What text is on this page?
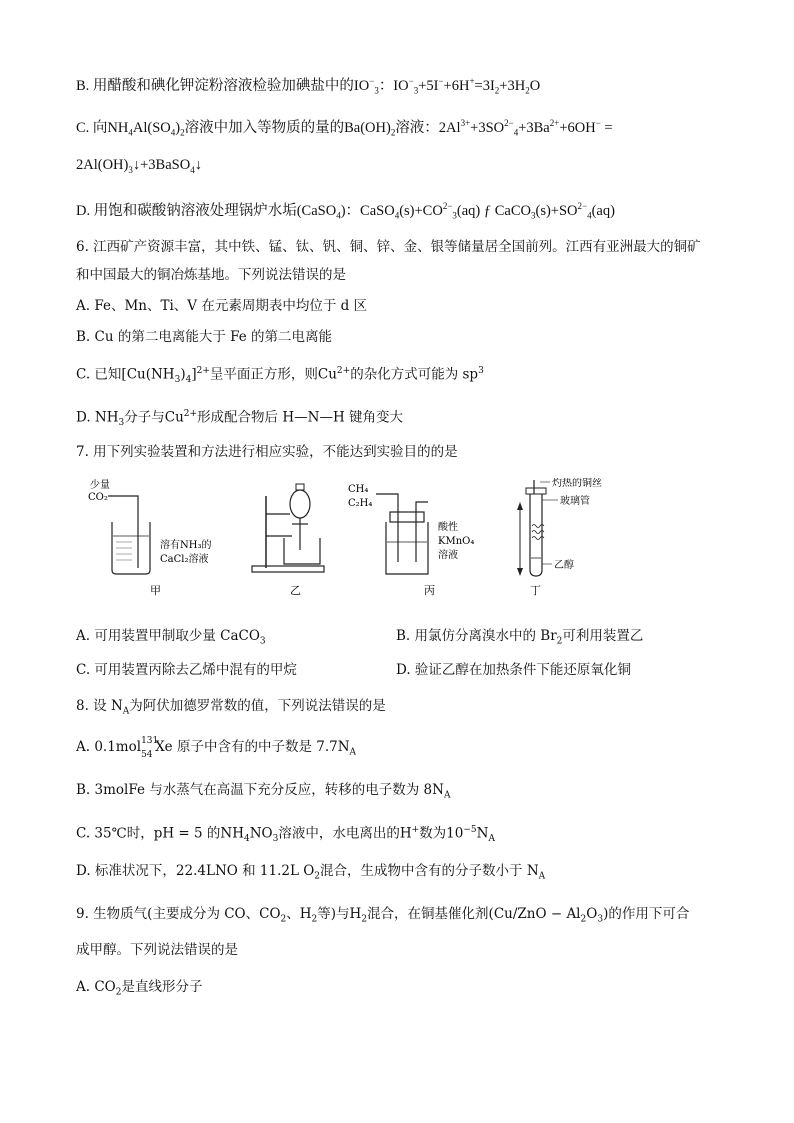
B. 用醋酸和碘化钾淀粉溶液检验加碘盐中的$IO^-_3$：$IO^-_3+5I^-+6H^+=3I_2+3H_2O$
C. 向$NH_4Al(SO_4)_2$溶液中加入等物质的量的$Ba(OH)_2$溶液：$2Al^{3+}+3SO^{2-}_4+3Ba^{2+}+6OH^-$ =
$2Al(OH)_3↓+3BaSO_4↓$
D. 用饱和碳酸钠溶液处理锅炉水垢(CaSO$_4$)：$CaSO_4(s)+CO^{2-}_3(aq)$ ƒ $CaCO_3(s)+SO^{2-}_4(aq)$
6. 江西矿产资源丰富，其中铁、锰、钛、钒、铜、锌、金、银等储量居全国前列。江西有亚洲最大的铜矿
和中国最大的铜冶炼基地。下列说法错误的是
A. Fe、Mn、Ti、V 在元素周期表中均位于 d 区
B. Cu 的第二电离能大于 Fe 的第二电离能
C. 已知$[Cu(NH_3)_4]^{2+}$呈平面正方形，则$Cu^{2+}$的杂化方式可能为 $sp^3$
D. $NH_3$分子与$Cu^{2+}$形成配合物后 H—N—H 键角变大
7. 用下列实验装置和方法进行相应实验，不能达到实验目的的是
少量
CO₂
溶有NH₃的
CaCl₂溶液
CH₄
C₂H₄
酸性
KMnO₄
溶液
灼热的铜丝
玻璃管
乙醇
甲	乙	丙	丁
A. 可用装置甲制取少量 CaCO$_3$	B. 用氯仿分离溴水中的 $Br_2$可利用装置乙
C. 可用装置丙除去乙烯中混有的甲烷	D. 验证乙醇在加热条件下能还原氧化铜
8. 设 $N_A$为阿伏加德罗常数的值，下列说法错误的是
A. 0.1mol 131
54 Xe 原子中含有的中子数是 $7.7N_A$
B. 3molFe 与水蒸气在高温下充分反应，转移的电子数为 $8N_A$
C. 35℃时，pH = 5 的$NH_4NO_3$溶液中，水电离出的H+数为$10^{-5}N_A$
D. 标准状况下，22.4LNO 和 11.2L $O_2$混合，生成物中含有的分子数小于 $N_A$
9. 生物质气(主要成分为 CO、$CO_2$、$H_2$等)与$H_2$混合，在铜基催化剂$(Cu/ZnO - Al_2O_3)$的作用下可合
成甲醇。下列说法错误的是
A. $CO_2$是直线形分子
